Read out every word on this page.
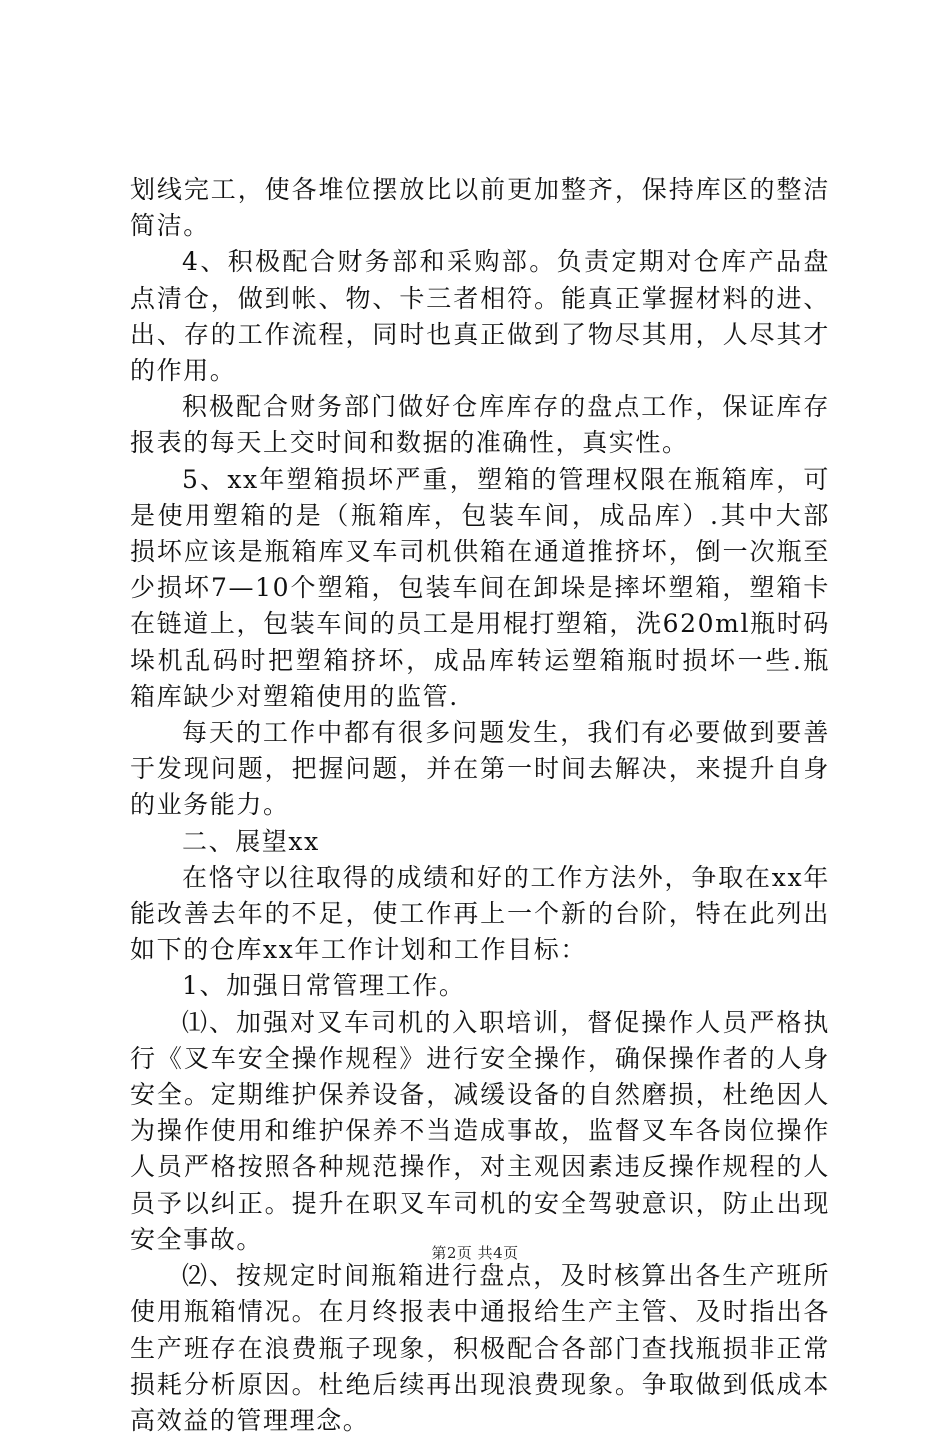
划线完工，使各堆位摆放比以前更加整齐，保持库区的整洁简洁。

4、积极配合财务部和采购部。负责定期对仓库产品盘点清仓，做到帐、物、卡三者相符。能真正掌握材料的进、出、存的工作流程，同时也真正做到了物尽其用，人尽其才的作用。

积极配合财务部门做好仓库库存的盘点工作，保证库存报表的每天上交时间和数据的准确性，真实性。

5、xx年塑箱损坏严重，塑箱的管理权限在瓶箱库，可是使用塑箱的是（瓶箱库，包装车间，成品库）.其中大部损坏应该是瓶箱库叉车司机供箱在通道推挤坏，倒一次瓶至少损坏7—10个塑箱，包装车间在卸垛是摔坏塑箱，塑箱卡在链道上，包装车间的员工是用棍打塑箱，洗620ml瓶时码垛机乱码时把塑箱挤坏，成品库转运塑箱瓶时损坏一些.瓶箱库缺少对塑箱使用的监管.

每天的工作中都有很多问题发生，我们有必要做到要善于发现问题，把握问题，并在第一时间去解决，来提升自身的业务能力。

二、展望xx

在恪守以往取得的成绩和好的工作方法外，争取在xx年能改善去年的不足，使工作再上一个新的台阶，特在此列出如下的仓库xx年工作计划和工作目标：

1、加强日常管理工作。

⑴、加强对叉车司机的入职培训，督促操作人员严格执行《叉车安全操作规程》进行安全操作，确保操作者的人身安全。定期维护保养设备，减缓设备的自然磨损，杜绝因人为操作使用和维护保养不当造成事故，监督叉车各岗位操作人员严格按照各种规范操作，对主观因素违反操作规程的人员予以纠正。提升在职叉车司机的安全驾驶意识，防止出现安全事故。

⑵、按规定时间瓶箱进行盘点，及时核算出各生产班所使用瓶箱情况。在月终报表中通报给生产主管、及时指出各生产班存在浪费瓶子现象，积极配合各部门查找瓶损非正常损耗分析原因。杜绝后续再出现浪费现象。争取做到低成本高效益的管理理念。

第2页 共4页
